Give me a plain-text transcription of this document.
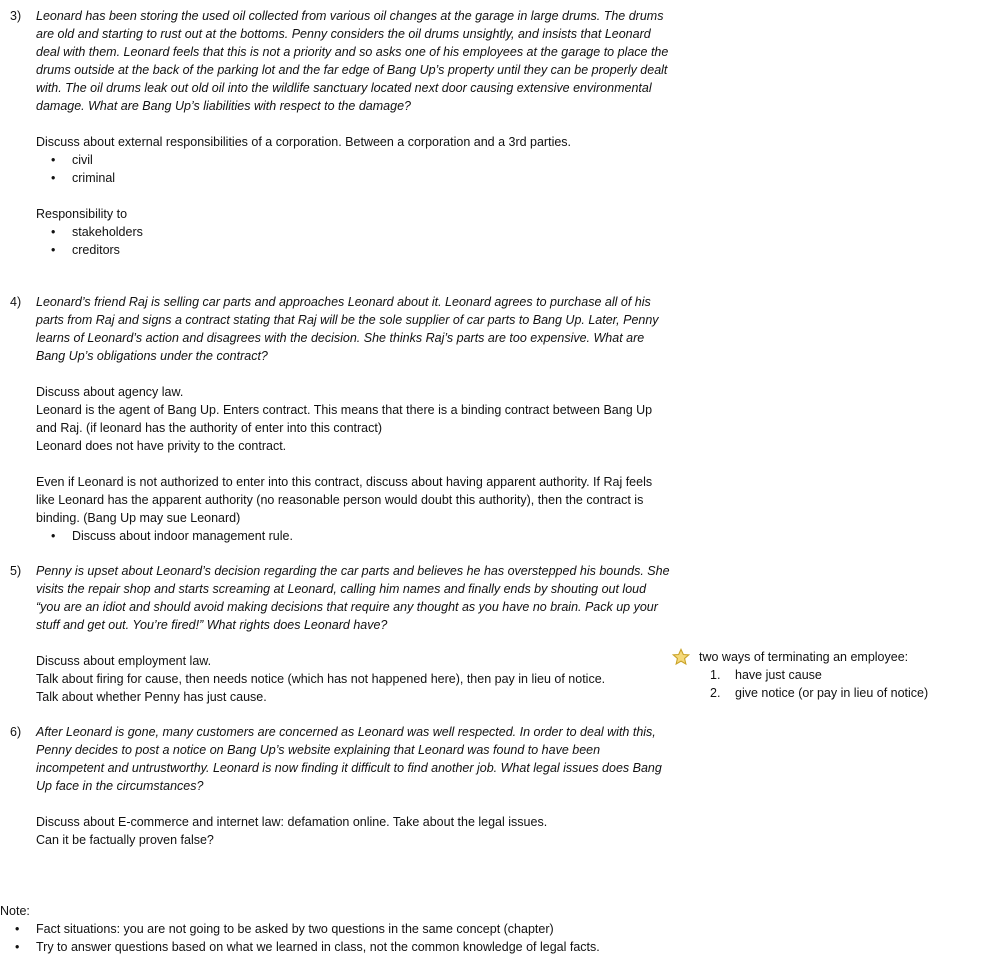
3)	Leonard has been storing the used oil collected from various oil changes at the garage in large drums. The drums are old and starting to rust out at the bottoms. Penny considers the oil drums unsightly, and insists that Leonard deal with them. Leonard feels that this is not a priority and so asks one of his employees at the garage to place the drums outside at the back of the parking lot and the far edge of Bang Up’s property until they can be properly dealt with. The oil drums leak out old oil into the wildlife sanctuary located next door causing extensive environmental damage. What are Bang Up’s liabilities with respect to the damage?

Discuss about external responsibilities of a corporation. Between a corporation and a 3rd parties.

• civil
• criminal

Responsibility to

• stakeholders
• creditors
4)	Leonard’s friend Raj is selling car parts and approaches Leonard about it. Leonard agrees to purchase all of his parts from Raj and signs a contract stating that Raj will be the sole supplier of car parts to Bang Up. Later, Penny learns of Leonard’s action and disagrees with the decision. She thinks Raj’s parts are too expensive. What are Bang Up’s obligations under the contract?

Discuss about agency law.

Leonard is the agent of Bang Up. Enters contract. This means that there is a binding contract between Bang Up and Raj. (if leonard has the authority of enter into this contract)

Leonard does not have privity to the contract.

Even if Leonard is not authorized to enter into this contract, discuss about having apparent authority. If Raj feels like Leonard has the apparent authority (no reasonable person would doubt this authority), then the contract is binding. (Bang Up may sue Leonard)

• Discuss about indoor management rule.
5)	Penny is upset about Leonard’s decision regarding the car parts and believes he has overstepped his bounds. She visits the repair shop and starts screaming at Leonard, calling him names and finally ends by shouting out loud “you are an idiot and should avoid making decisions that require any thought as you have no brain. Pack up your stuff and get out. You’re fired!” What rights does Leonard have?

Discuss about employment law.

Talk about firing for cause, then needs notice (which has not happened here), then pay in lieu of notice.

Talk about whether Penny has just cause.

two ways of terminating an employee:
1. have just cause
2. give notice (or pay in lieu of notice)
6)	After Leonard is gone, many customers are concerned as Leonard was well respected. In order to deal with this, Penny decides to post a notice on Bang Up’s website explaining that Leonard was found to have been incompetent and untrustworthy. Leonard is now finding it difficult to find another job. What legal issues does Bang Up face in the circumstances?

Discuss about E-commerce and internet law: defamation online. Take about the legal issues.

Can it be factually proven false?

Note:

• Fact situations: you are not going to be asked by two questions in the same concept (chapter)
• Try to answer questions based on what we learned in class, not the common knowledge of legal facts.
